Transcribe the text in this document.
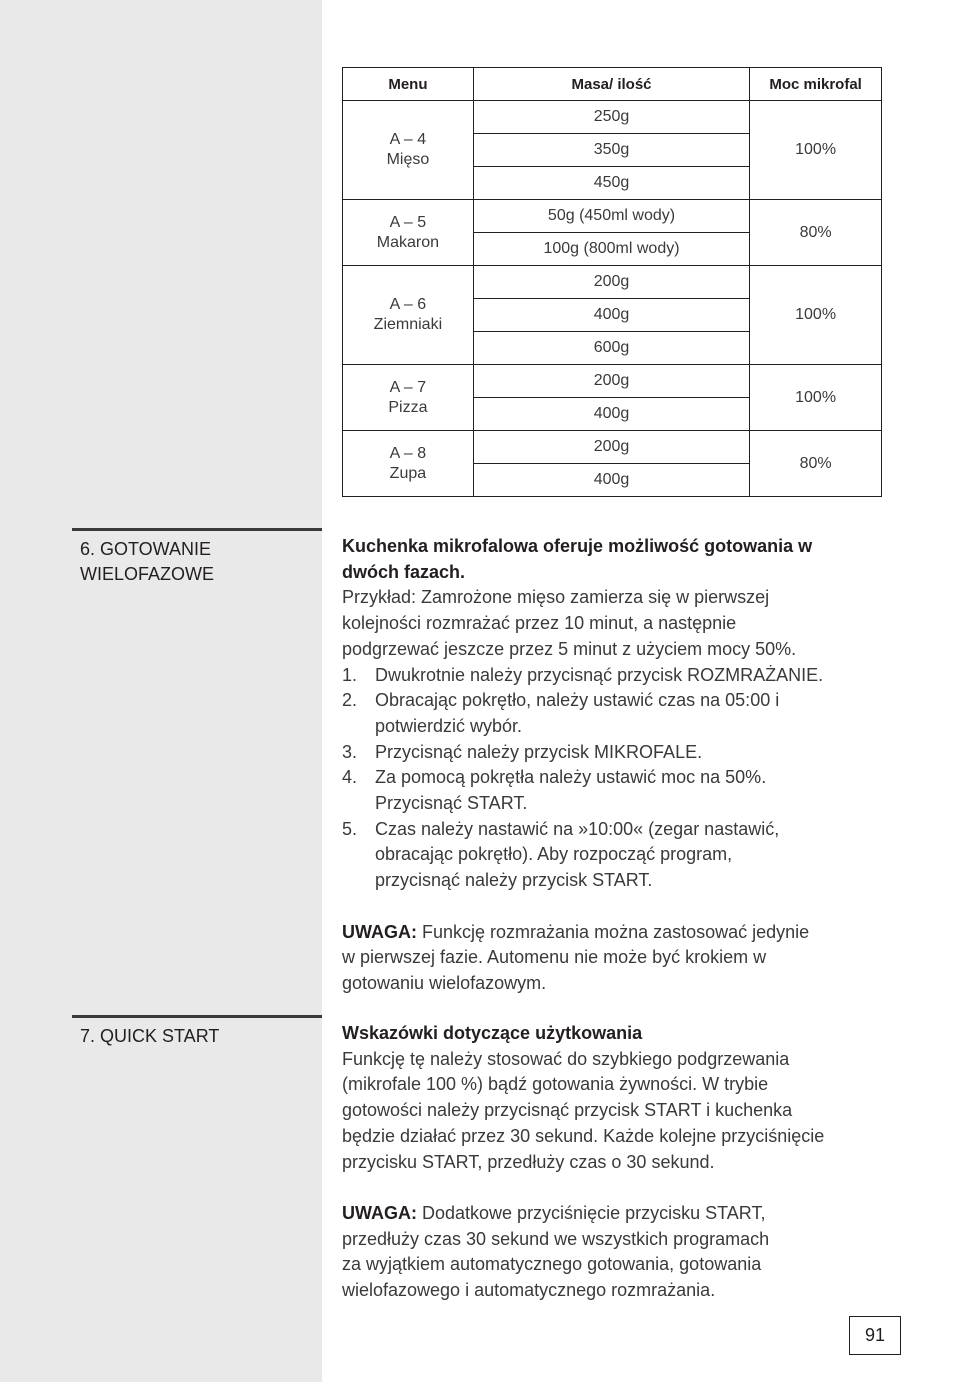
Menu	Masa/ ilość	Moc mikrofal
A – 4
Mięso	250g	100%
	350g	
	450g	
A – 5
Makaron	50g (450ml wody)	80%
	100g (800ml wody)	
A – 6
Ziemniaki	200g	100%
	400g	
	600g	
A – 7
Pizza	200g	100%
	400g	
A – 8
Zupa	200g	80%
	400g	
6. GOTOWANIE
WIELOFAZOWE
Kuchenka mikrofalowa oferuje możliwość gotowania w
dwóch fazach.
Przykład: Zamrożone mięso zamierza się w pierwszej
kolejności rozmrażać przez 10 minut, a następnie
podgrzewać jeszcze przez 5 minut z użyciem mocy 50%.
1. Dwukrotnie należy przycisnąć przycisk ROZMRAŻANIE.
2. Obracając pokrętło, należy ustawić czas na 05:00 i
potwierdzić wybór.
3. Przycisnąć należy przycisk MIKROFALE.
4. Za pomocą pokrętła należy ustawić moc na 50%.
Przycisnąć START.
5. Czas należy nastawić na »10:00« (zegar nastawić,
obracając pokrętło). Aby rozpocząć program,
przycisnąć należy przycisk START.
UWAGA: Funkcję rozmrażania można zastosować jedynie
w pierwszej fazie. Automenu nie może być krokiem w
gotowaniu wielofazowym.
7. QUICK START	Wskazówki dotyczące użytkowania
Funkcję tę należy stosować do szybkiego podgrzewania
(mikrofale 100 %) bądź gotowania żywności. W trybie
gotowości należy przycisnąć przycisk START i kuchenka
będzie działać przez 30 sekund. Każde kolejne przyciśnięcie
przycisku START, przedłuży czas o 30 sekund.
UWAGA: Dodatkowe przyciśnięcie przycisku START,
przedłuży czas 30 sekund we wszystkich programach
za wyjątkiem automatycznego gotowania, gotowania
wielofazowego i automatycznego rozmrażania.
91
